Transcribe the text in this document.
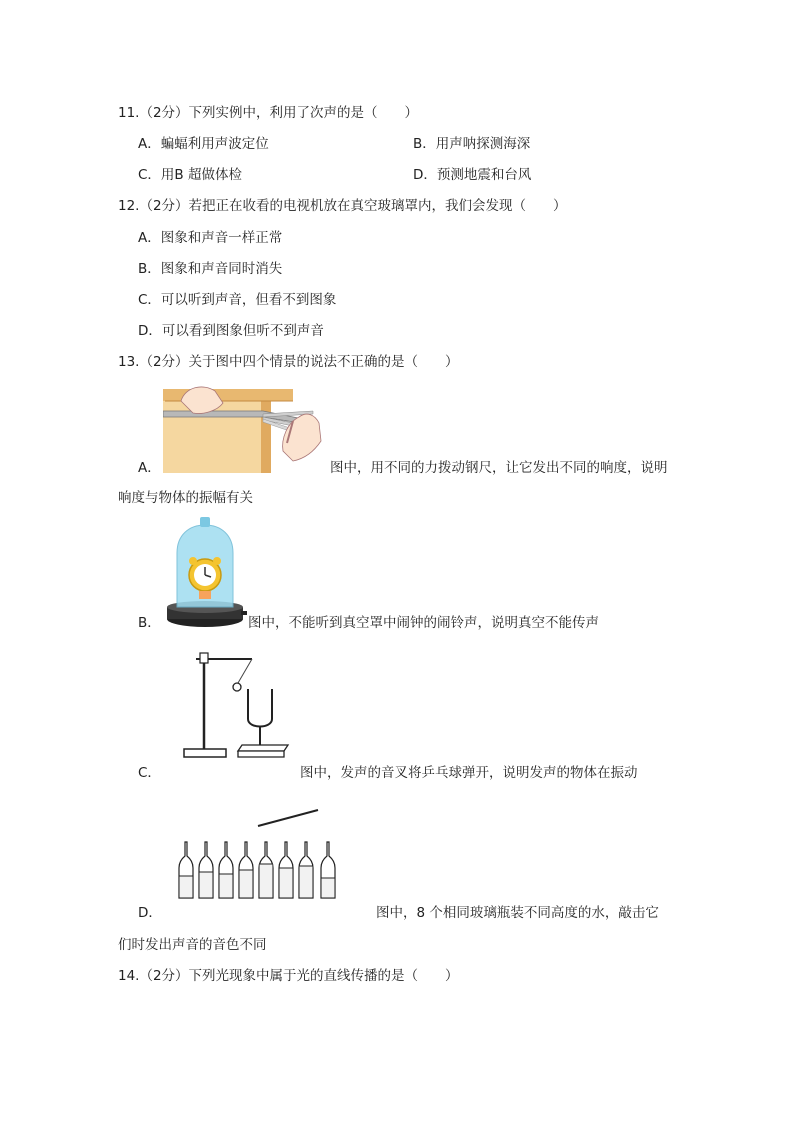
11.（2分）下列实例中，利用了次声的是（　　）
A．蝙蝠利用声波定位	B．用声呐探测海深
C．用B 超做体检	D．预测地震和台风
12.（2分）若把正在收看的电视机放在真空玻璃罩内，我们会发现（　　）
A．图象和声音一样正常
B．图象和声音同时消失
C．可以听到声音，但看不到图象
D．可以看到图象但听不到声音
13.（2分）关于图中四个情景的说法不正确的是（　　）
A．	图中，用不同的力拨动钢尺，让它发出不同的响度，说明
响度与物体的振幅有关
B．	图中，不能听到真空罩中闹钟的闹铃声，说明真空不能传声
C．	图中，发声的音叉将乒乓球弹开，说明发声的物体在振动
D．	图中，8 个相同玻璃瓶装不同高度的水，敲击它
们时发出声音的音色不同
14.（2分）下列光现象中属于光的直线传播的是（　　）
